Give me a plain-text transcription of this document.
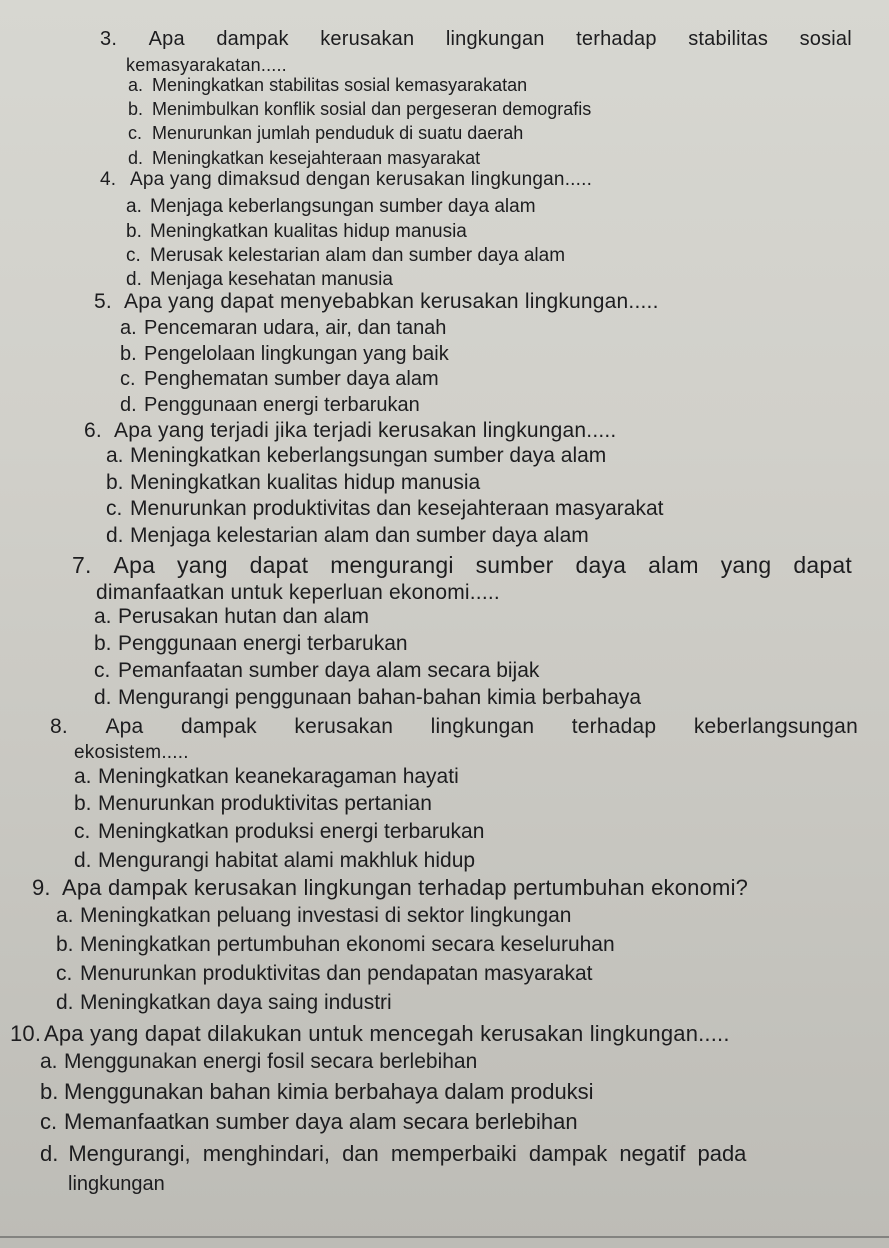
3. Apa dampak kerusakan lingkungan terhadap stabilitas sosial
kemasyarakatan.....
a. Meningkatkan stabilitas sosial kemasyarakatan
b. Menimbulkan konflik sosial dan pergeseran demografis
c. Menurunkan jumlah penduduk di suatu daerah
d. Meningkatkan kesejahteraan masyarakat
4. Apa yang dimaksud dengan kerusakan lingkungan.....
a. Menjaga keberlangsungan sumber daya alam
b. Meningkatkan kualitas hidup manusia
c. Merusak kelestarian alam dan sumber daya alam
d. Menjaga kesehatan manusia
5. Apa yang dapat menyebabkan kerusakan lingkungan.....
a. Pencemaran udara, air, dan tanah
b. Pengelolaan lingkungan yang baik
c. Penghematan sumber daya alam
d. Penggunaan energi terbarukan
6. Apa yang terjadi jika terjadi kerusakan lingkungan.....
a. Meningkatkan keberlangsungan sumber daya alam
b. Meningkatkan kualitas hidup manusia
c. Menurunkan produktivitas dan kesejahteraan masyarakat
d. Menjaga kelestarian alam dan sumber daya alam
7. Apa yang dapat mengurangi sumber daya alam yang dapat
dimanfaatkan untuk keperluan ekonomi.....
a. Perusakan hutan dan alam
b. Penggunaan energi terbarukan
c. Pemanfaatan sumber daya alam secara bijak
d. Mengurangi penggunaan bahan-bahan kimia berbahaya
8. Apa dampak kerusakan lingkungan terhadap keberlangsungan
ekosistem.....
a. Meningkatkan keanekaragaman hayati
b. Menurunkan produktivitas pertanian
c. Meningkatkan produksi energi terbarukan
d. Mengurangi habitat alami makhluk hidup
9. Apa dampak kerusakan lingkungan terhadap pertumbuhan ekonomi?
a. Meningkatkan peluang investasi di sektor lingkungan
b. Meningkatkan pertumbuhan ekonomi secara keseluruhan
c. Menurunkan produktivitas dan pendapatan masyarakat
d. Meningkatkan daya saing industri
10. Apa yang dapat dilakukan untuk mencegah kerusakan lingkungan.....
a. Menggunakan energi fosil secara berlebihan
b. Menggunakan bahan kimia berbahaya dalam produksi
c. Memanfaatkan sumber daya alam secara berlebihan
d. Mengurangi, menghindari, dan memperbaiki dampak negatif pada
lingkungan
